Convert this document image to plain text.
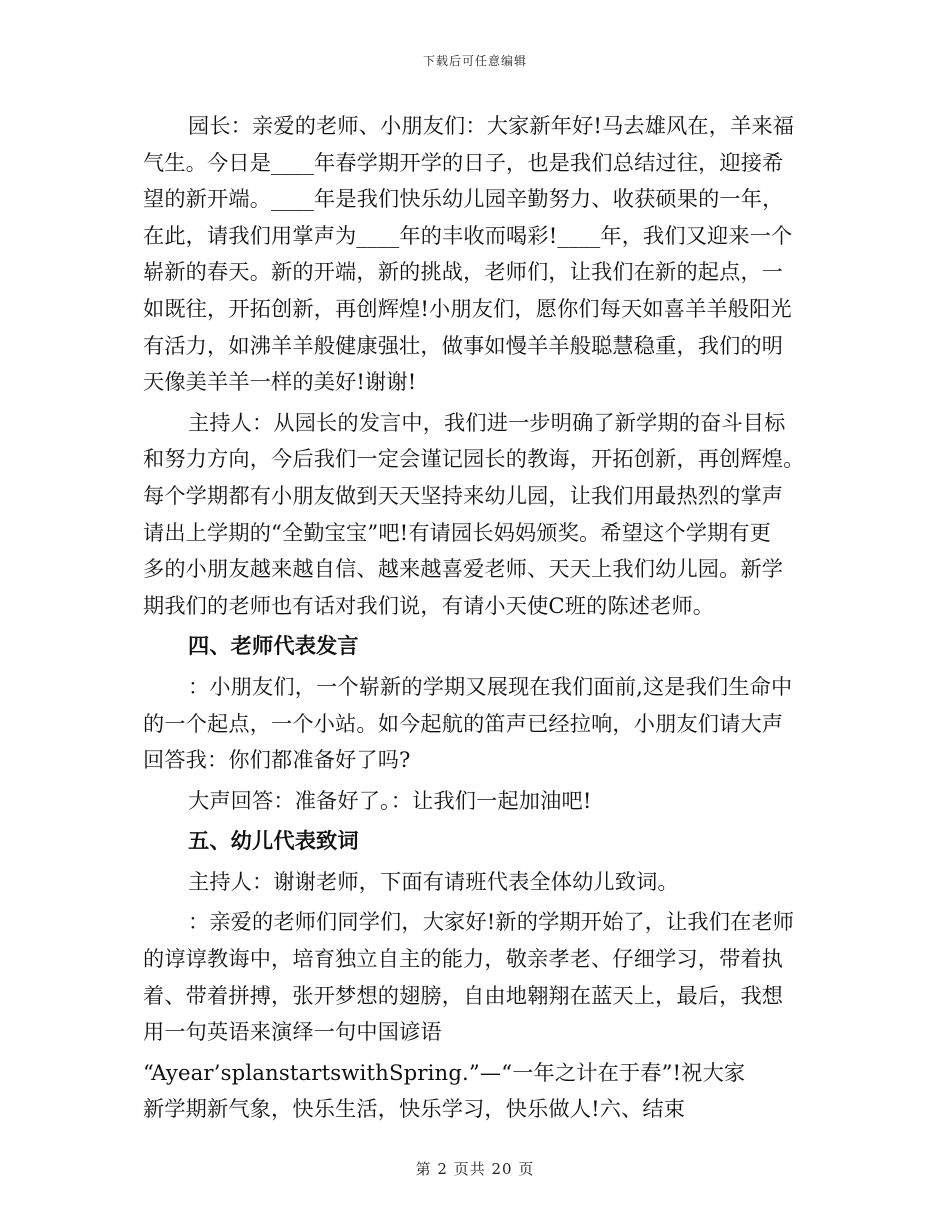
下载后可任意编辑

园长：亲爱的老师、小朋友们：大家新年好!马去雄风在，羊来福

气生。今日是____年春学期开学的日子，也是我们总结过往，迎接希

望的新开端。____年是我们快乐幼儿园辛勤努力、收获硕果的一年，

在此，请我们用掌声为____年的丰收而喝彩!____年，我们又迎来一个

崭新的春天。新的开端，新的挑战，老师们，让我们在新的起点，一

如既往，开拓创新，再创辉煌!小朋友们，愿你们每天如喜羊羊般阳光

有活力，如沸羊羊般健康强壮，做事如慢羊羊般聪慧稳重，我们的明

天像美羊羊一样的美好!谢谢!

主持人：从园长的发言中，我们进一步明确了新学期的奋斗目标

和努力方向，今后我们一定会谨记园长的教诲，开拓创新，再创辉煌。

每个学期都有小朋友做到天天坚持来幼儿园，让我们用最热烈的掌声

请出上学期的“全勤宝宝”吧!有请园长妈妈颁奖。希望这个学期有更

多的小朋友越来越自信、越来越喜爱老师、天天上我们幼儿园。新学

期我们的老师也有话对我们说，有请小天使C班的陈述老师。

四、老师代表发言

：小朋友们，一个崭新的学期又展现在我们面前,这是我们生命中

的一个起点，一个小站。如今起航的笛声已经拉响，小朋友们请大声

回答我：你们都准备好了吗?

大声回答：准备好了。：让我们一起加油吧!

五、幼儿代表致词

主持人：谢谢老师，下面有请班代表全体幼儿致词。

：亲爱的老师们同学们，大家好!新的学期开始了，让我们在老师

的谆谆教诲中，培育独立自主的能力，敬亲孝老、仔细学习，带着执

着、带着拼搏，张开梦想的翅膀，自由地翱翔在蓝天上，最后，我想

用一句英语来演绎一句中国谚语

“Ayear’splanstartswithSpring.”—“一年之计在于春”!祝大家

新学期新气象，快乐生活，快乐学习，快乐做人!六、结束

第 2 页共 20 页
